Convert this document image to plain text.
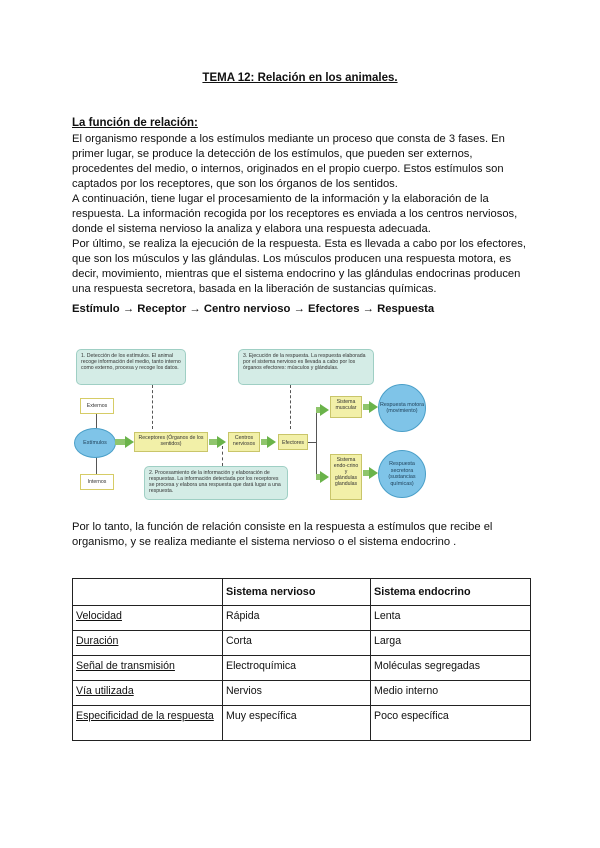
TEMA 12: Relación en los animales.
La función de relación:

El organismo responde a los estímulos mediante un proceso que consta de 3 fases. En primer lugar, se produce la detección de los estímulos, que pueden ser externos, procedentes del medio, o internos, originados en el propio cuerpo. Estos estímulos son captados por los receptores, que son los órganos de los sentidos.

A continuación, tiene lugar el procesamiento de la información y la elaboración de la respuesta. La información recogida por los receptores es enviada a los centros nerviosos, donde el sistema nervioso la analiza y elabora una respuesta adecuada.

Por último, se realiza la ejecución de la respuesta. Esta es llevada a cabo por los efectores, que son los músculos y las glándulas. Los músculos producen una respuesta motora, es decir, movimiento, mientras que el sistema endocrino y las glándulas endocrinas producen una respuesta secretora, basada en la liberación de sustancias químicas.

Estímulo → Receptor → Centro nervioso → Efectores → Respuesta
1. Detección de los estímulos. El animal recoge información del medio, tanto interno como externo, procesa y recoge los datos.
3. Ejecución de la respuesta. La respuesta elaborada por el sistema nervioso es llevada a cabo por los órganos efectores: músculos y glándulas.
2. Procesamiento de la información y elaboración de respuestas. La información detectada por los receptores se procesa y elabora una respuesta que dará lugar a una respuesta.
Externos
Internos
Estímulos
Receptores (Órganos de los sentidos)
Centros nerviosos	Efectores
Sistema muscular
Sistema endo-crino y glándulas glandulas
Respuesta motora (movimiento)
Respuesta secretora (sustancias químicas)

Por lo tanto, la función de relación consiste en la respuesta a estímulos que recibe el organismo, y se realiza mediante el sistema nervioso o el sistema endocrino .

	Sistema nervioso	Sistema endocrino
Velocidad	Rápida	Lenta
Duración	Corta	Larga
Señal de transmisión	Electroquímica	Moléculas segregadas
Vía utilizada	Nervios	Medio interno
Especificidad de la respuesta	Muy específica	Poco específica
